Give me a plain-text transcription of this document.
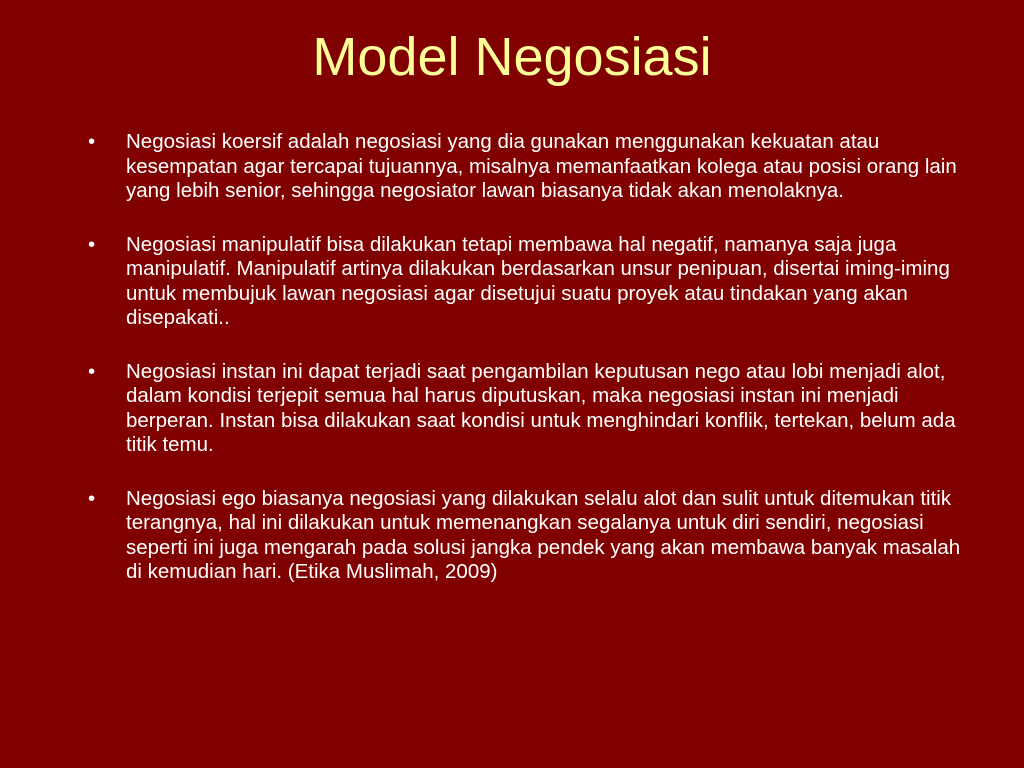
Model Negosiasi
•	Negosiasi koersif adalah negosiasi yang dia gunakan menggunakan kekuatan atau kesempatan agar tercapai tujuannya, misalnya memanfaatkan kolega atau posisi orang lain yang lebih senior, sehingga negosiator lawan biasanya tidak akan menolaknya.
•	Negosiasi manipulatif bisa dilakukan tetapi membawa hal negatif, namanya saja juga manipulatif. Manipulatif artinya dilakukan berdasarkan unsur penipuan, disertai iming-iming untuk membujuk lawan negosiasi agar disetujui suatu proyek atau tindakan yang akan disepakati..
•	Negosiasi instan ini dapat terjadi saat pengambilan keputusan nego atau lobi menjadi alot, dalam kondisi terjepit semua hal harus diputuskan, maka negosiasi instan ini menjadi berperan. Instan bisa dilakukan saat kondisi untuk menghindari konflik, tertekan, belum ada titik temu.
•	Negosiasi ego biasanya negosiasi yang dilakukan selalu alot dan sulit untuk ditemukan titik terangnya, hal ini dilakukan untuk memenangkan segalanya untuk diri sendiri, negosiasi seperti ini juga mengarah pada solusi jangka pendek yang akan membawa banyak masalah di kemudian hari. (Etika Muslimah, 2009)
